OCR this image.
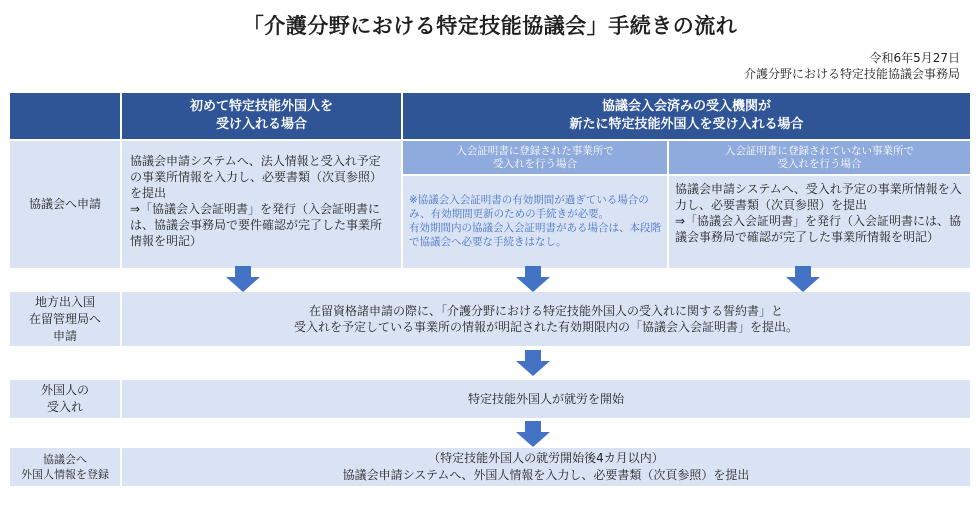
「介護分野における特定技能協議会」手続きの流れ
令和6年5月27日
介護分野における特定技能協議会事務局
初めて特定技能外国人を
受け入れる場合
協議会入会済みの受入機関が
新たに特定技能外国人を受け入れる場合
協議会へ申請
協議会申請システムへ、法人情報と受入れ予定の事業所情報を入力し、必要書類（次頁参照）を提出
⇒「協議会入会証明書」を発行（入会証明書には、協議会事務局で要件確認が完了した事業所情報を明記）
入会証明書に登録された事業所で
受入れを行う場合
※協議会入会証明書の有効期間が過ぎている場合のみ、有効期間更新のための手続きが必要。
有効期間内の協議会入会証明書がある場合は、本段階で協議会へ必要な手続きはなし。
入会証明書に登録されていない事業所で
受入れを行う場合
協議会申請システムへ、受入れ予定の事業所情報を入力し、必要書類（次頁参照）を提出
⇒「協議会入会証明書」を発行（入会証明書には、協議会事務局で確認が完了した事業所情報を明記）
地方出入国
在留管理局へ
申請
在留資格諸申請の際に、「介護分野における特定技能外国人の受入れに関する誓約書」と
受入れを予定している事業所の情報が明記された有効期限内の「協議会入会証明書」を提出。
外国人の
受入れ
特定技能外国人が就労を開始
協議会へ
外国人情報を登録
（特定技能外国人の就労開始後4カ月以内）
協議会申請システムへ、外国人情報を入力し、必要書類（次頁参照）を提出
